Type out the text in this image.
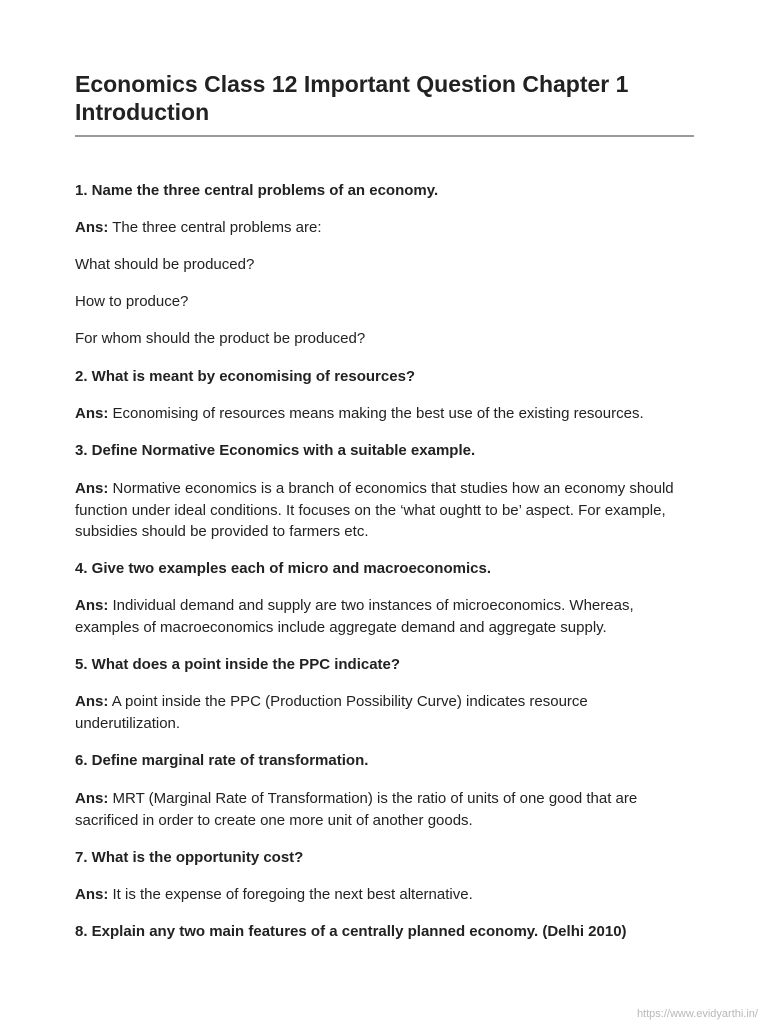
Economics Class 12 Important Question Chapter 1 Introduction

1. Name the three central problems of an economy.

Ans: The three central problems are:

What should be produced?

How to produce?

For whom should the product be produced?

2. What is meant by economising of resources?

Ans: Economising of resources means making the best use of the existing resources.

3. Define Normative Economics with a suitable example.

Ans: Normative economics is a branch of economics that studies how an economy should function under ideal conditions. It focuses on the ‘what oughtt to be’ aspect. For example, subsidies should be provided to farmers etc.

4. Give two examples each of micro and macroeconomics.

Ans: Individual demand and supply are two instances of microeconomics. Whereas, examples of macroeconomics include aggregate demand and aggregate supply.

5. What does a point inside the PPC indicate?

Ans: A point inside the PPC (Production Possibility Curve) indicates resource underutilization.

6. Define marginal rate of transformation.

Ans: MRT (Marginal Rate of Transformation) is the ratio of units of one good that are sacrificed in order to create one more unit of another goods.

7. What is the opportunity cost?

Ans: It is the expense of foregoing the next best alternative.

8. Explain any two main features of a centrally planned economy. (Delhi 2010)

https://www.evidyarthi.in/
